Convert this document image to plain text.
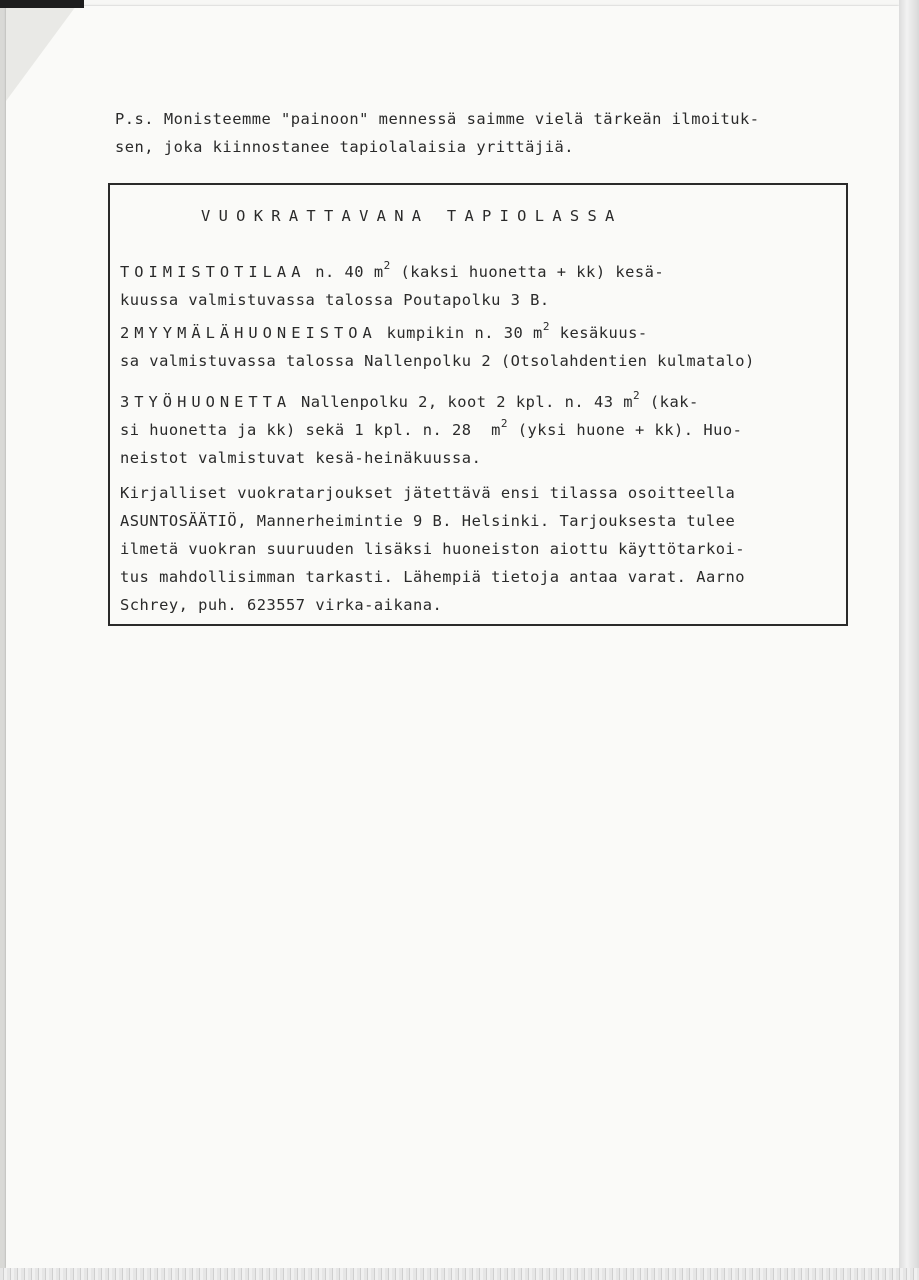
P.s. Monisteemme "painoon" mennessä saimme vielä tärkeän ilmoituk-
sen, joka kiinnostanee tapiolalaisia yrittäjiä.
VUOKRATTAVANA TAPIOLASSA
TOIMISTOTILAA n. 40 $m^2$ (kaksi huonetta + kk) kesä-
kuussa valmistuvassa talossa Poutapolku 3 B.
2MYYMÄLÄHUONEISTOA kumpikin n. 30 $m^2$ kesäkuus-
sa valmistuvassa talossa Nallenpolku 2 (Otsolahdentien kulmatalo)
3TYÖHUONETTA Nallenpolku 2, koot 2 kpl. n. 43 $m^2$ (kak-
si huonetta ja kk) sekä 1 kpl. n. 28  $m^2$ (yksi huone + kk). Huo-
neistot valmistuvat kesä-heinäkuussa.
Kirjalliset vuokratarjoukset jätettävä ensi tilassa osoitteella
ASUNTOSÄÄTIÖ, Mannerheimintie 9 B. Helsinki. Tarjouksesta tulee
ilmetä vuokran suuruuden lisäksi huoneiston aiottu käyttötarkoi-
tus mahdollisimman tarkasti. Lähempiä tietoja antaa varat. Aarno
Schrey, puh. 623557 virka-aikana.
